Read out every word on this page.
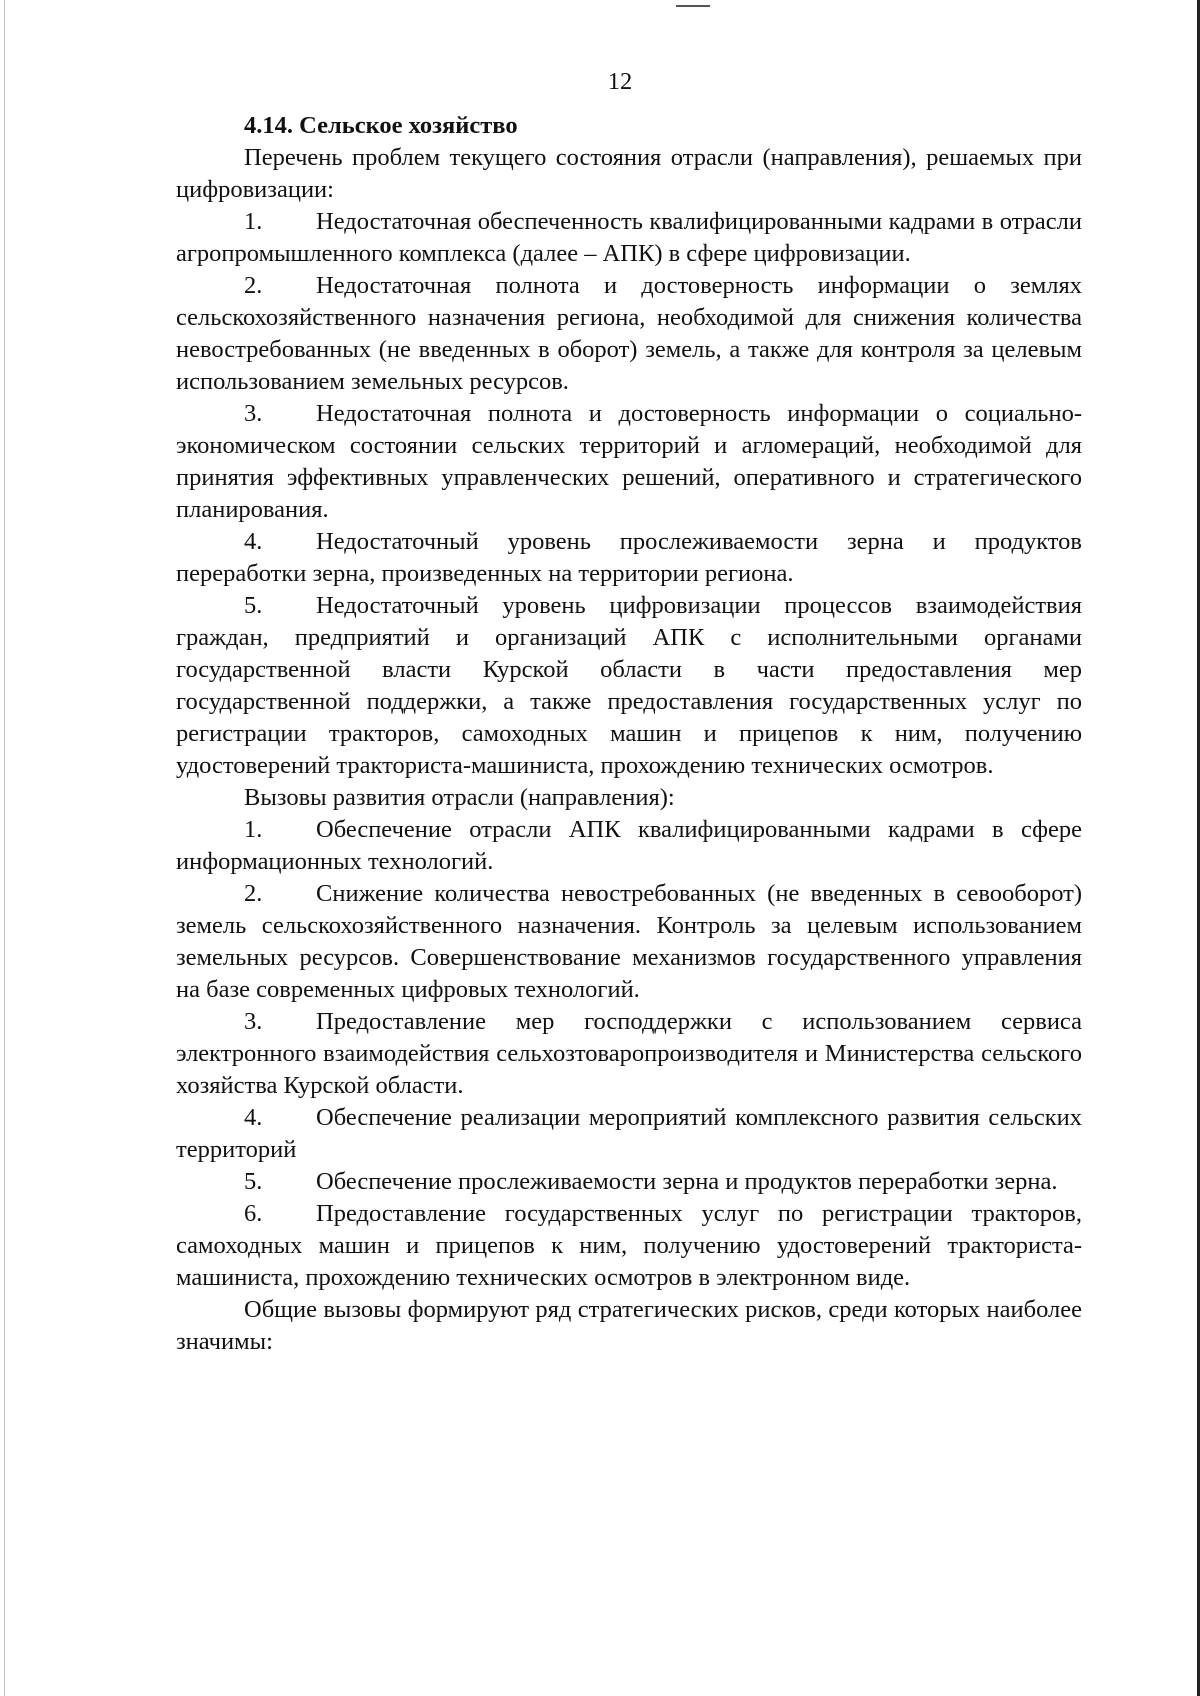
12

4.14. Сельское хозяйство

Перечень проблем текущего состояния отрасли (направления), решаемых при цифровизации:

1. Недостаточная обеспеченность квалифицированными кадрами в отрасли агропромышленного комплекса (далее – АПК) в сфере цифровизации.

2. Недостаточная полнота и достоверность информации о землях сельскохозяйственного назначения региона, необходимой для снижения количества невостребованных (не введенных в оборот) земель, а также для контроля за целевым использованием земельных ресурсов.

3. Недостаточная полнота и достоверность информации о социально-экономическом состоянии сельских территорий и агломераций, необходимой для принятия эффективных управленческих решений, оперативного и стратегического планирования.

4. Недостаточный уровень прослеживаемости зерна и продуктов переработки зерна, произведенных на территории региона.

5. Недостаточный уровень цифровизации процессов взаимодействия граждан, предприятий и организаций АПК с исполнительными органами государственной власти Курской области в части предоставления мер государственной поддержки, а также предоставления государственных услуг по регистрации тракторов, самоходных машин и прицепов к ним, получению удостоверений тракториста-машиниста, прохождению технических осмотров.

Вызовы развития отрасли (направления):

1. Обеспечение отрасли АПК квалифицированными кадрами в сфере информационных технологий.

2. Снижение количества невостребованных (не введенных в севооборот) земель сельскохозяйственного назначения. Контроль за целевым использованием земельных ресурсов. Совершенствование механизмов государственного управления на базе современных цифровых технологий.

3. Предоставление мер господдержки с использованием сервиса электронного взаимодействия сельхозтоваропроизводителя и Министерства сельского хозяйства Курской области.

4. Обеспечение реализации мероприятий комплексного развития сельских территорий

5. Обеспечение прослеживаемости зерна и продуктов переработки зерна.

6. Предоставление государственных услуг по регистрации тракторов, самоходных машин и прицепов к ним, получению удостоверений тракториста-машиниста, прохождению технических осмотров в электронном виде.

Общие вызовы формируют ряд стратегических рисков, среди которых наиболее значимы:
